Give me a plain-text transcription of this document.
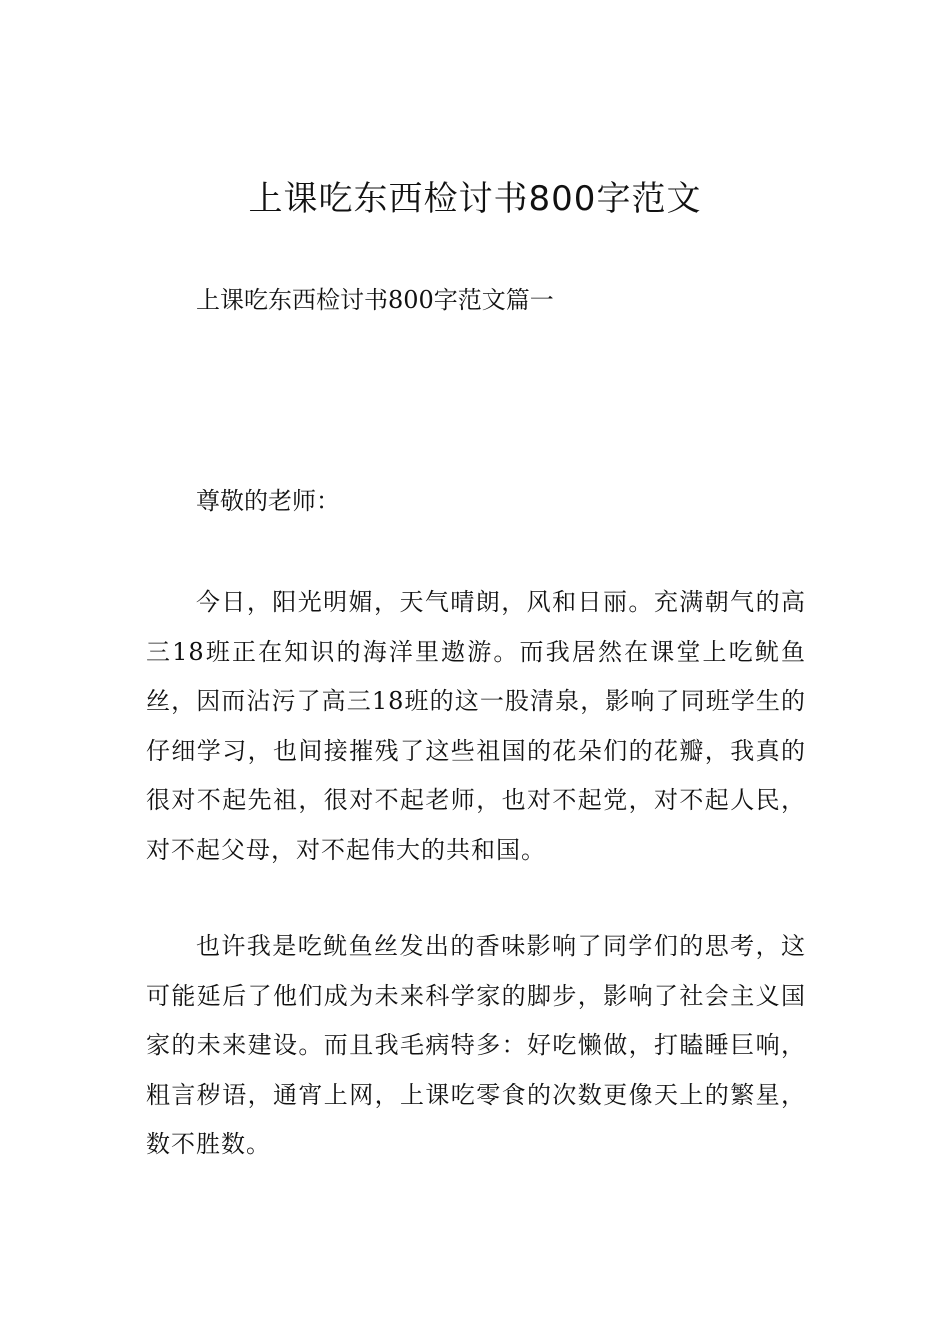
上课吃东西检讨书800字范文

上课吃东西检讨书800字范文篇一

尊敬的老师：

今日，阳光明媚，天气晴朗，风和日丽。充满朝气的高三18班正在知识的海洋里遨游。而我居然在课堂上吃鱿鱼丝，因而沾污了高三18班的这一股清泉，影响了同班学生的仔细学习，也间接摧残了这些祖国的花朵们的花瓣，我真的很对不起先祖，很对不起老师，也对不起党，对不起人民，对不起父母，对不起伟大的共和国。

也许我是吃鱿鱼丝发出的香味影响了同学们的思考，这可能延后了他们成为未来科学家的脚步，影响了社会主义国家的未来建设。而且我毛病特多：好吃懒做，打瞌睡巨响，粗言秽语，通宵上网，上课吃零食的次数更像天上的繁星，数不胜数。
